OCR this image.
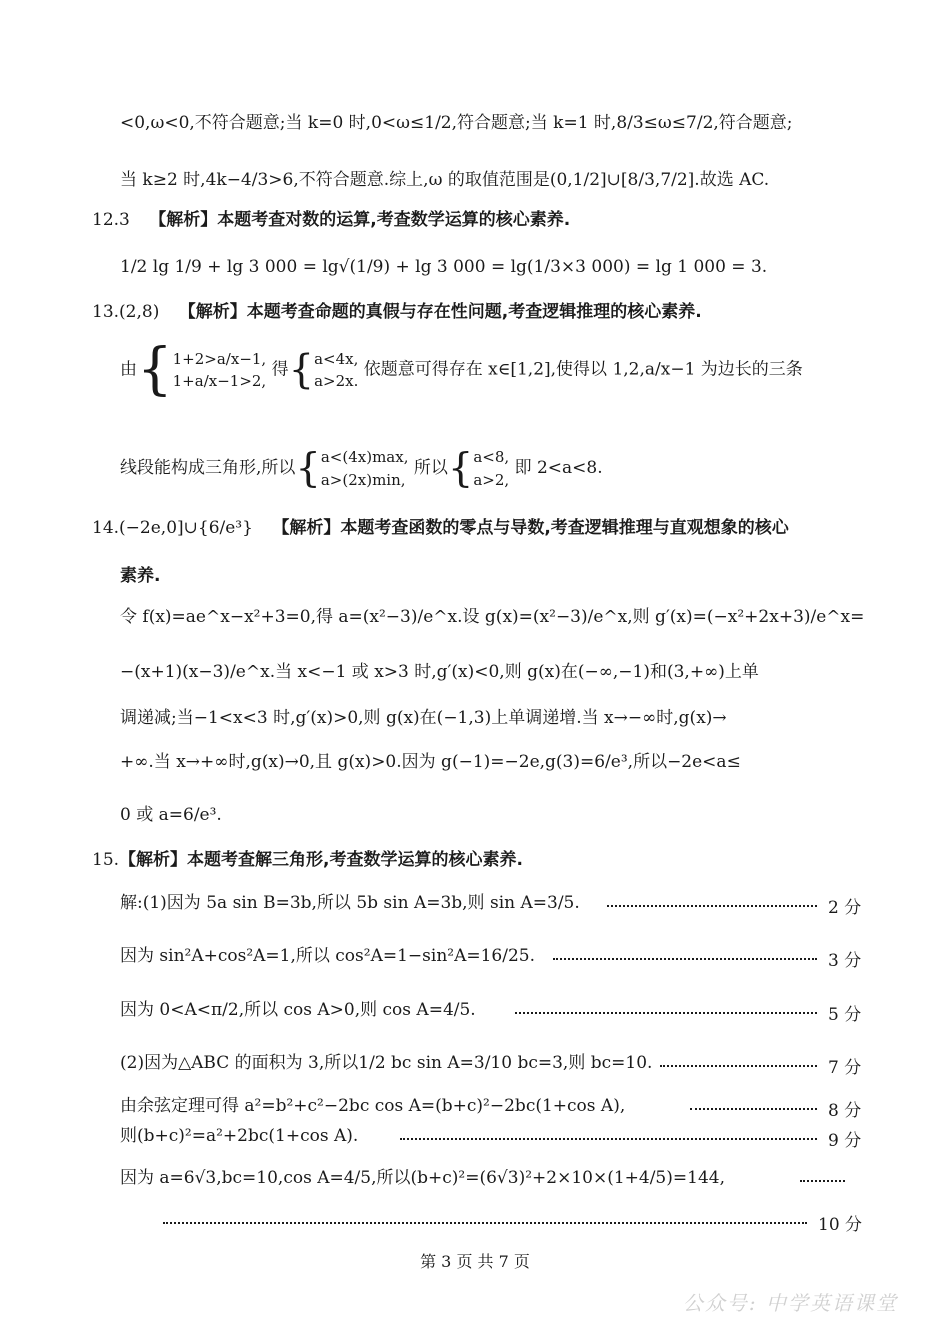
<0,ω<0,不符合题意;当 k=0 时,0<ω≤1/2,符合题意;当 k=1 时,8/3≤ω≤7/2,符合题意;
当 k≥2 时,4k−4/3>6,不符合题意.综上,ω 的取值范围是(0,1/2]∪[8/3,7/2].故选 AC.
12.3 【解析】本题考查对数的运算,考查数学运算的核心素养.
1/2 lg 1/9 + lg 3 000 = lg√(1/9) + lg 3 000 = lg(1/3×3 000) = lg 1 000 = 3.
13.(2,8) 【解析】本题考查命题的真假与存在性问题,考查逻辑推理的核心素养.
由{ 1+2>a/x−1,
1+a/x−1>2,
得{ a<4x,
a>2x.
依题意可得存在 x∈[1,2],使得以 1,2,a/x−1 为边长的三条
线段能构成三角形,所以{ a<(4x)max,
a>(2x)min,
所以{ a<8,
a>2,
即 2<a<8.
14.(−2e,0]∪{6/e³} 【解析】本题考查函数的零点与导数,考查逻辑推理与直观想象的核心
素养.
令 f(x)=ae^x−x²+3=0,得 a=(x²−3)/e^x.设 g(x)=(x²−3)/e^x,则 g′(x)=(−x²+2x+3)/e^x=
−(x+1)(x−3)/e^x.当 x<−1 或 x>3 时,g′(x)<0,则 g(x)在(−∞,−1)和(3,+∞)上单
调递减;当−1<x<3 时,g′(x)>0,则 g(x)在(−1,3)上单调递增.当 x→−∞时,g(x)→
+∞.当 x→+∞时,g(x)→0,且 g(x)>0.因为 g(−1)=−2e,g(3)=6/e³,所以−2e<a≤
0 或 a=6/e³.
15.【解析】本题考查解三角形,考查数学运算的核心素养.
解:(1)因为 5a sin B=3b,所以 5b sin A=3b,则 sin A=3/5.	2 分
因为 sin²A+cos²A=1,所以 cos²A=1−sin²A=16/25.	3 分
因为 0<A<π/2,所以 cos A>0,则 cos A=4/5.	5 分
(2)因为△ABC 的面积为 3,所以1/2 bc sin A=3/10 bc=3,则 bc=10.	7 分
由余弦定理可得 a²=b²+c²−2bc cos A=(b+c)²−2bc(1+cos A),	8 分
则(b+c)²=a²+2bc(1+cos A).	9 分
因为 a=6√3,bc=10,cos A=4/5,所以(b+c)²=(6√3)²+2×10×(1+4/5)=144,
10 分
第 3 页 共 7 页
公众号: 中学英语课堂
